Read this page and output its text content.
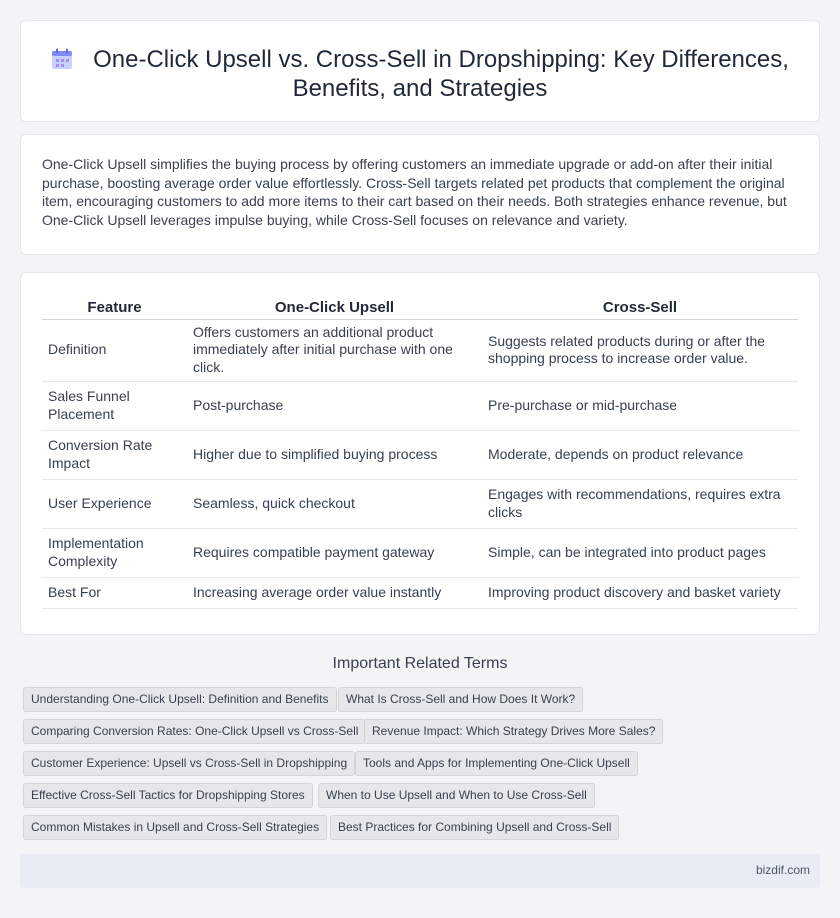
One-Click Upsell vs. Cross-Sell in Dropshipping: Key Differences, Benefits, and Strategies

One-Click Upsell simplifies the buying process by offering customers an immediate upgrade or add-on after their initial purchase, boosting average order value effortlessly. Cross-Sell targets related pet products that complement the original item, encouraging customers to add more items to their cart based on their needs. Both strategies enhance revenue, but One-Click Upsell leverages impulse buying, while Cross-Sell focuses on relevance and variety.

Feature	One-Click Upsell	Cross-Sell
Definition	Offers customers an additional product immediately after initial purchase with one click.	Suggests related products during or after the shopping process to increase order value.
Sales Funnel Placement	Post-purchase	Pre-purchase or mid-purchase
Conversion Rate Impact	Higher due to simplified buying process	Moderate, depends on product relevance
User Experience	Seamless, quick checkout	Engages with recommendations, requires extra clicks
Implementation Complexity	Requires compatible payment gateway	Simple, can be integrated into product pages
Best For	Increasing average order value instantly	Improving product discovery and basket variety
Important Related Terms
Understanding One-Click Upsell: Definition and Benefits	What Is Cross-Sell and How Does It Work?
Comparing Conversion Rates: One-Click Upsell vs Cross-Sell	Revenue Impact: Which Strategy Drives More Sales?
Customer Experience: Upsell vs Cross-Sell in Dropshipping	Tools and Apps for Implementing One-Click Upsell
Effective Cross-Sell Tactics for Dropshipping Stores	When to Use Upsell and When to Use Cross-Sell
Common Mistakes in Upsell and Cross-Sell Strategies	Best Practices for Combining Upsell and Cross-Sell
bizdif.com
